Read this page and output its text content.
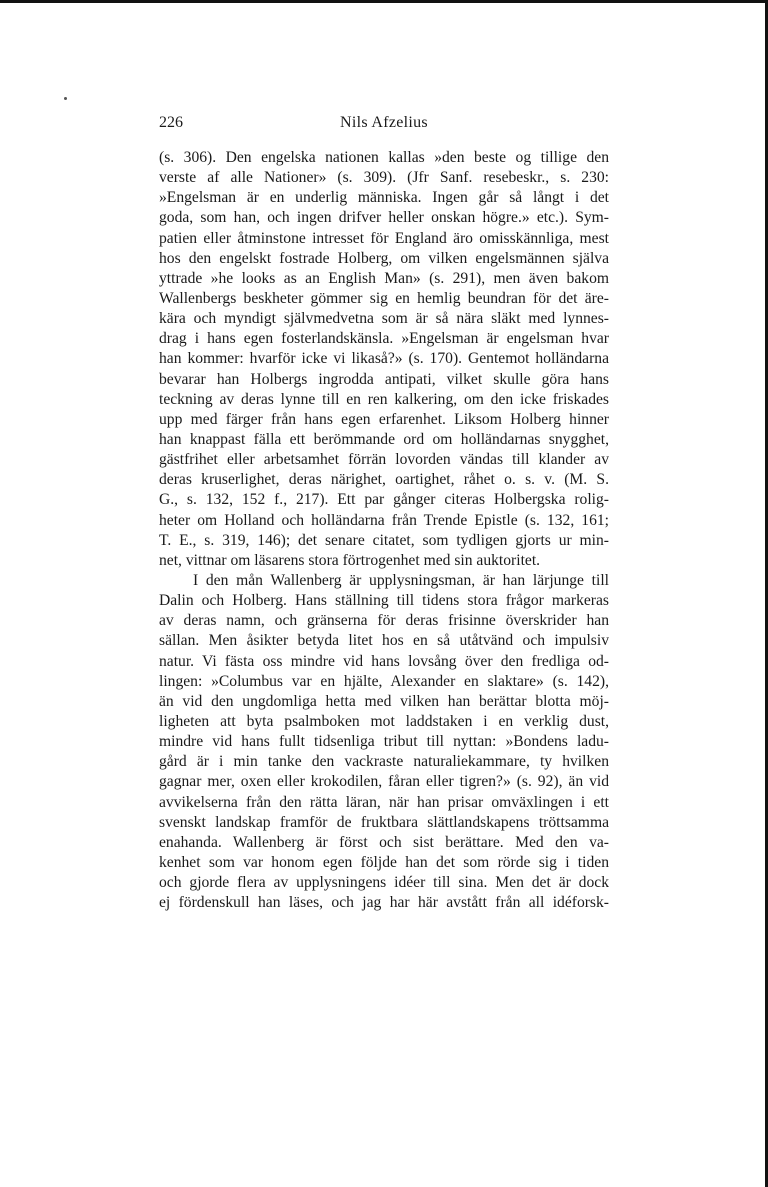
226	Nils Afzelius
(s. 306). Den engelska nationen kallas »den beste og tillige den
verste af alle Nationer» (s. 309). (Jfr Sanf. resebeskr., s. 230:
»Engelsman är en underlig människa. Ingen går så långt i det
goda, som han, och ingen drifver heller onskan högre.» etc.). Sym-
patien eller åtminstone intresset för England äro omisskännliga, mest
hos den engelskt fostrade Holberg, om vilken engelsmännen själva
yttrade »he looks as an English Man» (s. 291), men även bakom
Wallenbergs beskheter gömmer sig en hemlig beundran för det äre-
kära och myndigt självmedvetna som är så nära släkt med lynnes-
drag i hans egen fosterlandskänsla. »Engelsman är engelsman hvar
han kommer: hvarför icke vi likaså?» (s. 170). Gentemot holländarna
bevarar han Holbergs ingrodda antipati, vilket skulle göra hans
teckning av deras lynne till en ren kalkering, om den icke friskades
upp med färger från hans egen erfarenhet. Liksom Holberg hinner
han knappast fälla ett berömmande ord om holländarnas snygghet,
gästfrihet eller arbetsamhet förrän lovorden vändas till klander av
deras kruserlighet, deras närighet, oartighet, råhet o. s. v. (M. S.
G., s. 132, 152 f., 217). Ett par gånger citeras Holbergska rolig-
heter om Holland och holländarna från Trende Epistle (s. 132, 161;
T. E., s. 319, 146); det senare citatet, som tydligen gjorts ur min-
net, vittnar om läsarens stora förtrogenhet med sin auktoritet.
I den mån Wallenberg är upplysningsman, är han lärjunge till
Dalin och Holberg. Hans ställning till tidens stora frågor markeras
av deras namn, och gränserna för deras frisinne överskrider han
sällan. Men åsikter betyda litet hos en så utåtvänd och impulsiv
natur. Vi fästa oss mindre vid hans lovsång över den fredliga od-
lingen: »Columbus var en hjälte, Alexander en slaktare» (s. 142),
än vid den ungdomliga hetta med vilken han berättar blotta möj-
ligheten att byta psalmboken mot laddstaken i en verklig dust,
mindre vid hans fullt tidsenliga tribut till nyttan: »Bondens ladu-
gård är i min tanke den vackraste naturaliekammare, ty hvilken
gagnar mer, oxen eller krokodilen, fåran eller tigren?» (s. 92), än vid
avvikelserna från den rätta läran, när han prisar omväxlingen i ett
svenskt landskap framför de fruktbara slättlandskapens tröttsamma
enahanda. Wallenberg är först och sist berättare. Med den va-
kenhet som var honom egen följde han det som rörde sig i tiden
och gjorde flera av upplysningens idéer till sina. Men det är dock
ej fördenskull han läses, och jag har här avstått från all idéforsk-
